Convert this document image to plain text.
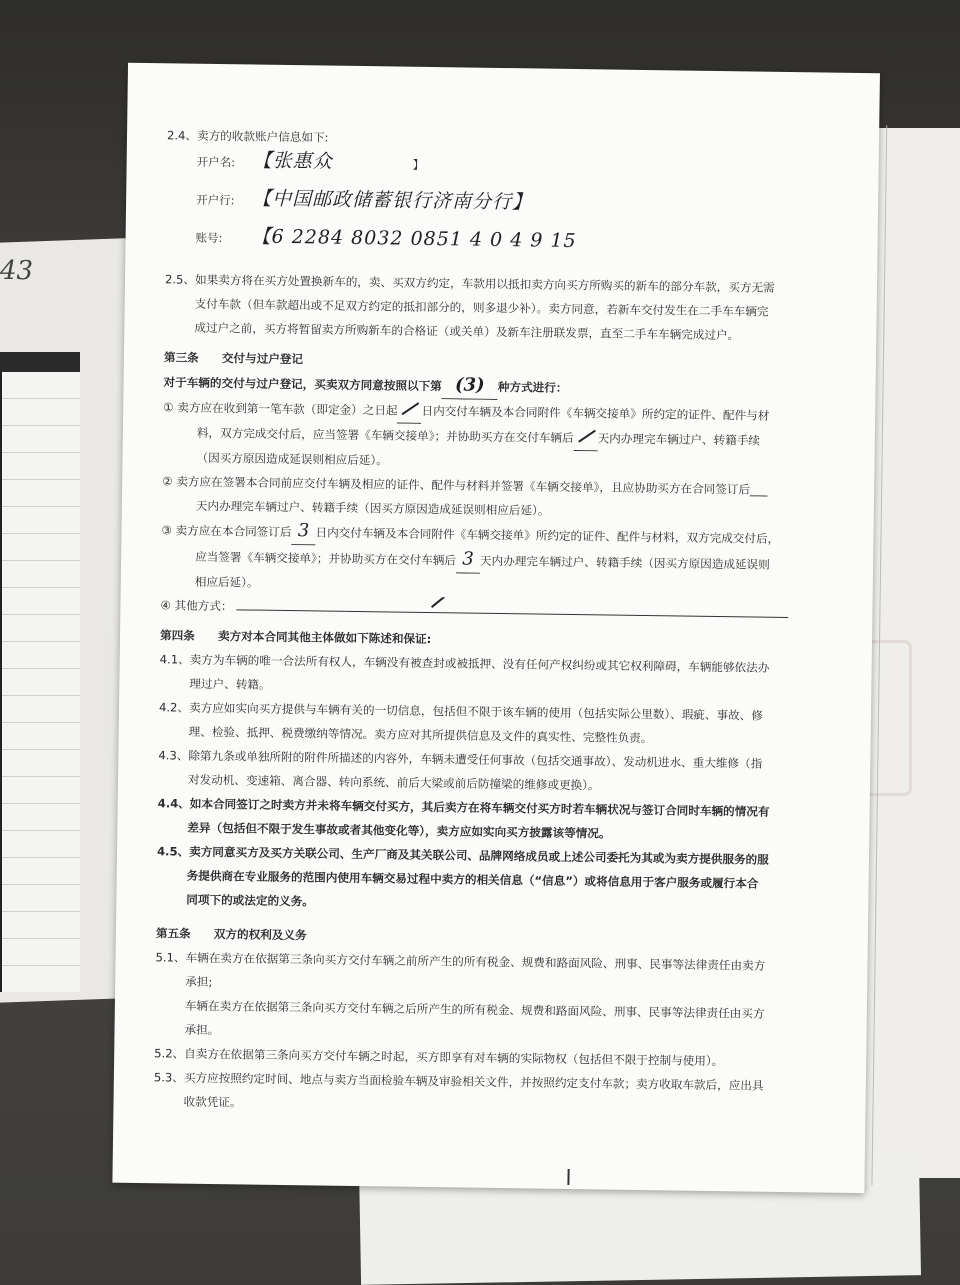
43
2.4、卖方的收款账户信息如下:
开户名: 【张惠众	】
开户行: 【中国邮政储蓄银行济南分行】
账号:	【6 2284 8032 0851 4 0 4 9 15
2.5、如果卖方将在买方处置换新车的，卖、买双方约定，车款用以抵扣卖方向买方所购买的新车的部分车款，买方无需
支付车款（但车款超出或不足双方约定的抵扣部分的，则多退少补）。卖方同意，若新车交付发生在二手车车辆完
成过户之前，买方将暂留卖方所购新车的合格证（或关单）及新车注册联发票，直至二手车车辆完成过户。
第三条　　交付与过户登记
对于车辆的交付与过户登记，买卖双方同意按照以下第 (3) 种方式进行：
① 卖方应在收到第一笔车款（即定金）之日起 日内交付车辆及本合同附件《车辆交接单》所约定的证件、配件与材
料，双方完成交付后，应当签署《车辆交接单》；并协助买方在交付车辆后 天内办理完车辆过户、转籍手续
（因买方原因造成延误则相应后延）。
② 卖方应在签署本合同前应交付车辆及相应的证件、配件与材料并签署《车辆交接单》，且应协助买方在合同签订后___
天内办理完车辆过户、转籍手续（因买方原因造成延误则相应后延）。
③ 卖方应在本合同签订后 3 日内交付车辆及本合同附件《车辆交接单》所约定的证件、配件与材料，双方完成交付后，
应当签署《车辆交接单》；并协助买方在交付车辆后 3 天内办理完车辆过户、转籍手续（因买方原因造成延误则
相应后延）。
④ 其他方式：
第四条　　卖方对本合同其他主体做如下陈述和保证:
4.1、卖方为车辆的唯一合法所有权人，车辆没有被查封或被抵押、没有任何产权纠纷或其它权利障碍，车辆能够依法办
理过户、转籍。
4.2、卖方应如实向买方提供与车辆有关的一切信息，包括但不限于该车辆的使用（包括实际公里数）、瑕疵、事故、修
理、检验、抵押、税费缴纳等情况。卖方应对其所提供信息及文件的真实性、完整性负责。
4.3、除第九条或单独所附的附件所描述的内容外，车辆未遭受任何事故（包括交通事故）、发动机进水、重大维修（指
对发动机、变速箱、离合器、转向系统、前后大梁或前后防撞梁的维修或更换）。
4.4、如本合同签订之时卖方并未将车辆交付买方，其后卖方在将车辆交付买方时若车辆状况与签订合同时车辆的情况有
差异（包括但不限于发生事故或者其他变化等），卖方应如实向买方披露该等情况。
4.5、卖方同意买方及买方关联公司、生产厂商及其关联公司、品牌网络成员或上述公司委托为其或为卖方提供服务的服
务提供商在专业服务的范围内使用车辆交易过程中卖方的相关信息（“信息”）或将信息用于客户服务或履行本合
同项下的或法定的义务。
第五条　　双方的权利及义务
5.1、车辆在卖方在依据第三条向买方交付车辆之前所产生的所有税金、规费和路面风险、刑事、民事等法律责任由卖方
承担;
车辆在卖方在依据第三条向买方交付车辆之后所产生的所有税金、规费和路面风险、刑事、民事等法律责任由买方
承担。
5.2、自卖方在依据第三条向买方交付车辆之时起，买方即享有对车辆的实际物权（包括但不限于控制与使用）。
5.3、买方应按照约定时间、地点与卖方当面检验车辆及审验相关文件，并按照约定支付车款；卖方收取车款后，应出具
收款凭证。
